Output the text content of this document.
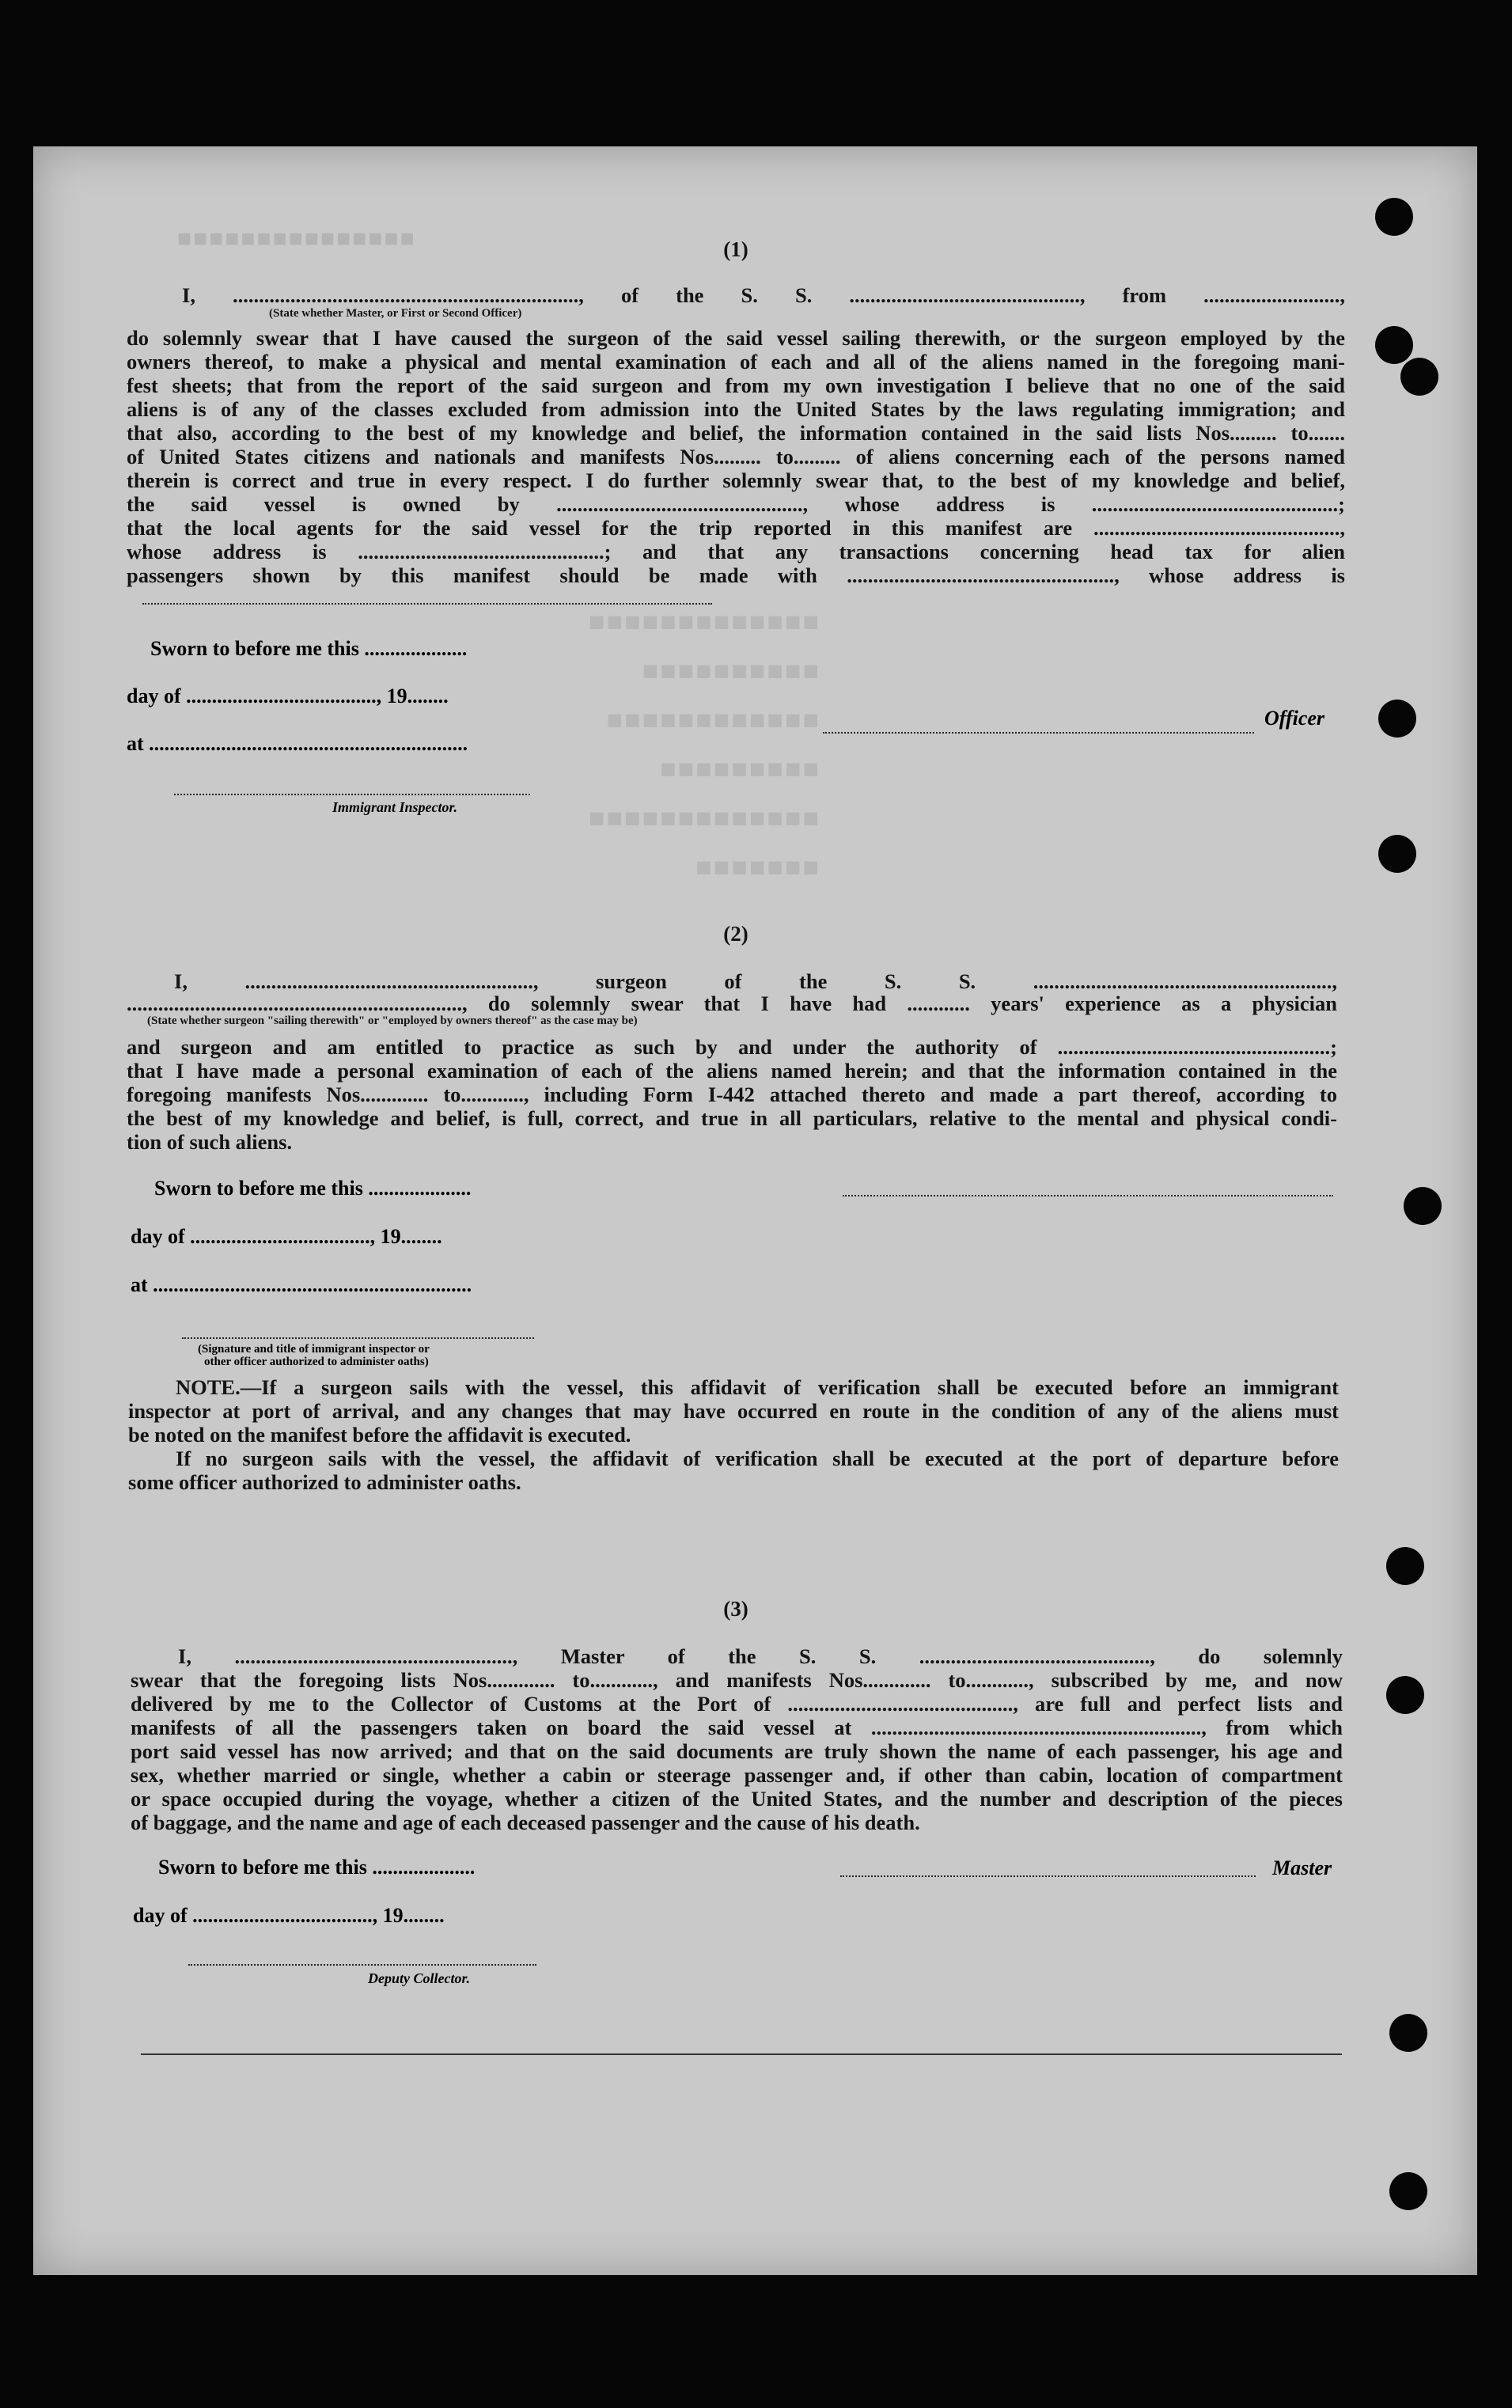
■■■■■■■■■■■■■■■
■■■■■■■■■■■■■
■■■■■■■■■■
■■■■■■■■■■■■
■■■■■■■■■
■■■■■■■■■■■■■
■■■■■■■
(1)
I, .................................................................., of the S. S. ............................................, from ..........................,
(State whether Master, or First or Second Officer)
do solemnly swear that I have caused the surgeon of the said vessel sailing therewith, or the surgeon employed by the
owners thereof, to make a physical and mental examination of each and all of the aliens named in the foregoing mani-
fest sheets; that from the report of the said surgeon and from my own investigation I believe that no one of the said
aliens is of any of the classes excluded from admission into the United States by the laws regulating immigration; and
that also, according to the best of my knowledge and belief, the information contained in the said lists Nos......... to.......
of United States citizens and nationals and manifests Nos......... to......... of aliens concerning each of the persons named
therein is correct and true in every respect. I do further solemnly swear that, to the best of my knowledge and belief,
the said vessel is owned by ..............................................., whose address is ...............................................;
that the local agents for the said vessel for the trip reported in this manifest are ...............................................,
whose address is ...............................................; and that any transactions concerning head tax for alien
passengers shown by this manifest should be made with ..................................................., whose address is
Sworn to before me this ....................
day of ....................................., 19........
at ..............................................................
Officer
Immigrant Inspector.
(2)
I, ......................................................., surgeon of the S. S. .........................................................,
................................................................, do solemnly swear that I have had ............ years' experience as a physician
(State whether surgeon "sailing therewith" or "employed by owners thereof" as the case may be)
and surgeon and am entitled to practice as such by and under the authority of ....................................................;
that I have made a personal examination of each of the aliens named herein; and that the information contained in the
foregoing manifests Nos............. to............, including Form I-442 attached thereto and made a part thereof, according to
the best of my knowledge and belief, is full, correct, and true in all particulars, relative to the mental and physical condi-
tion of such aliens.
Sworn to before me this ....................
day of ..................................., 19........
at ..............................................................
(Signature and title of immigrant inspector or
other officer authorized to administer oaths)
NOTE.—If a surgeon sails with the vessel, this affidavit of verification shall be executed before an immigrant
inspector at port of arrival, and any changes that may have occurred en route in the condition of any of the aliens must
be noted on the manifest before the affidavit is executed.
If no surgeon sails with the vessel, the affidavit of verification shall be executed at the port of departure before
some officer authorized to administer oaths.
(3)
I, ....................................................., Master of the S. S. ............................................, do solemnly
swear that the foregoing lists Nos............. to............, and manifests Nos............. to............, subscribed by me, and now
delivered by me to the Collector of Customs at the Port of ..........................................., are full and perfect lists and
manifests of all the passengers taken on board the said vessel at ..............................................................., from which
port said vessel has now arrived; and that on the said documents are truly shown the name of each passenger, his age and
sex, whether married or single, whether a cabin or steerage passenger and, if other than cabin, location of compartment
or space occupied during the voyage, whether a citizen of the United States, and the number and description of the pieces
of baggage, and the name and age of each deceased passenger and the cause of his death.
Sworn to before me this ....................	Master
day of ..................................., 19........
Deputy Collector.
